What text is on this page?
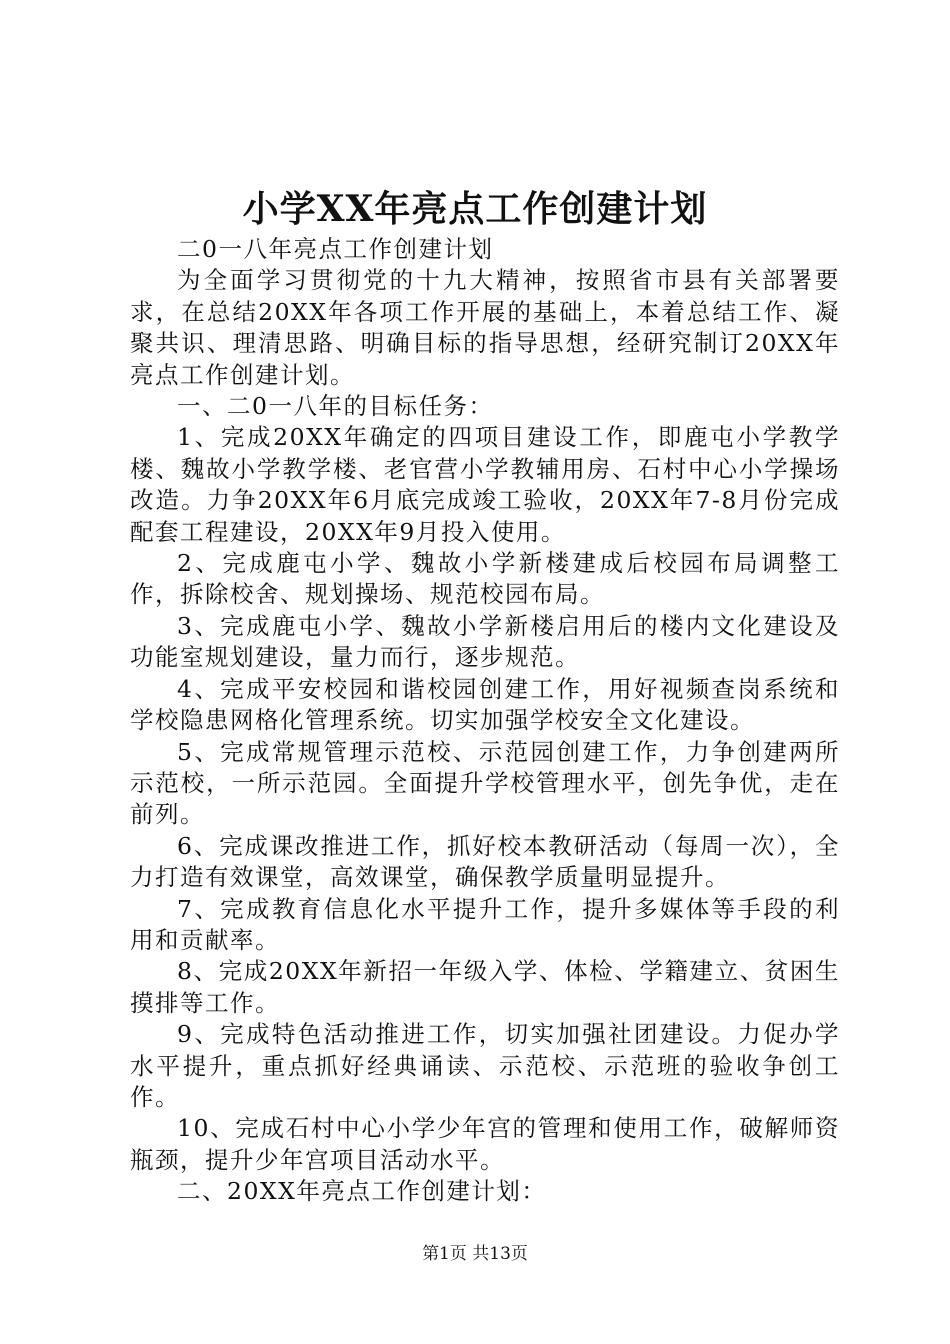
小学XX年亮点工作创建计划

二0一八年亮点工作创建计划

为全面学习贯彻党的十九大精神，按照省市县有关部署要求，在总结20XX年各项工作开展的基础上，本着总结工作、凝聚共识、理清思路、明确目标的指导思想，经研究制订20XX年亮点工作创建计划。

一、二0一八年的目标任务：

1、完成20XX年确定的四项目建设工作，即鹿屯小学教学楼、魏故小学教学楼、老官营小学教辅用房、石村中心小学操场改造。力争20XX年6月底完成竣工验收，20XX年7-8月份完成配套工程建设，20XX年9月投入使用。

2、完成鹿屯小学、魏故小学新楼建成后校园布局调整工作，拆除校舍、规划操场、规范校园布局。

3、完成鹿屯小学、魏故小学新楼启用后的楼内文化建设及功能室规划建设，量力而行，逐步规范。

4、完成平安校园和谐校园创建工作，用好视频查岗系统和学校隐患网格化管理系统。切实加强学校安全文化建设。

5、完成常规管理示范校、示范园创建工作，力争创建两所示范校，一所示范园。全面提升学校管理水平，创先争优，走在前列。

6、完成课改推进工作，抓好校本教研活动（每周一次），全力打造有效课堂，高效课堂，确保教学质量明显提升。

7、完成教育信息化水平提升工作，提升多媒体等手段的利用和贡献率。

8、完成20XX年新招一年级入学、体检、学籍建立、贫困生摸排等工作。

9、完成特色活动推进工作，切实加强社团建设。力促办学水平提升，重点抓好经典诵读、示范校、示范班的验收争创工作。

10、完成石村中心小学少年宫的管理和使用工作，破解师资瓶颈，提升少年宫项目活动水平。

二、20XX年亮点工作创建计划：

第1页 共13页
